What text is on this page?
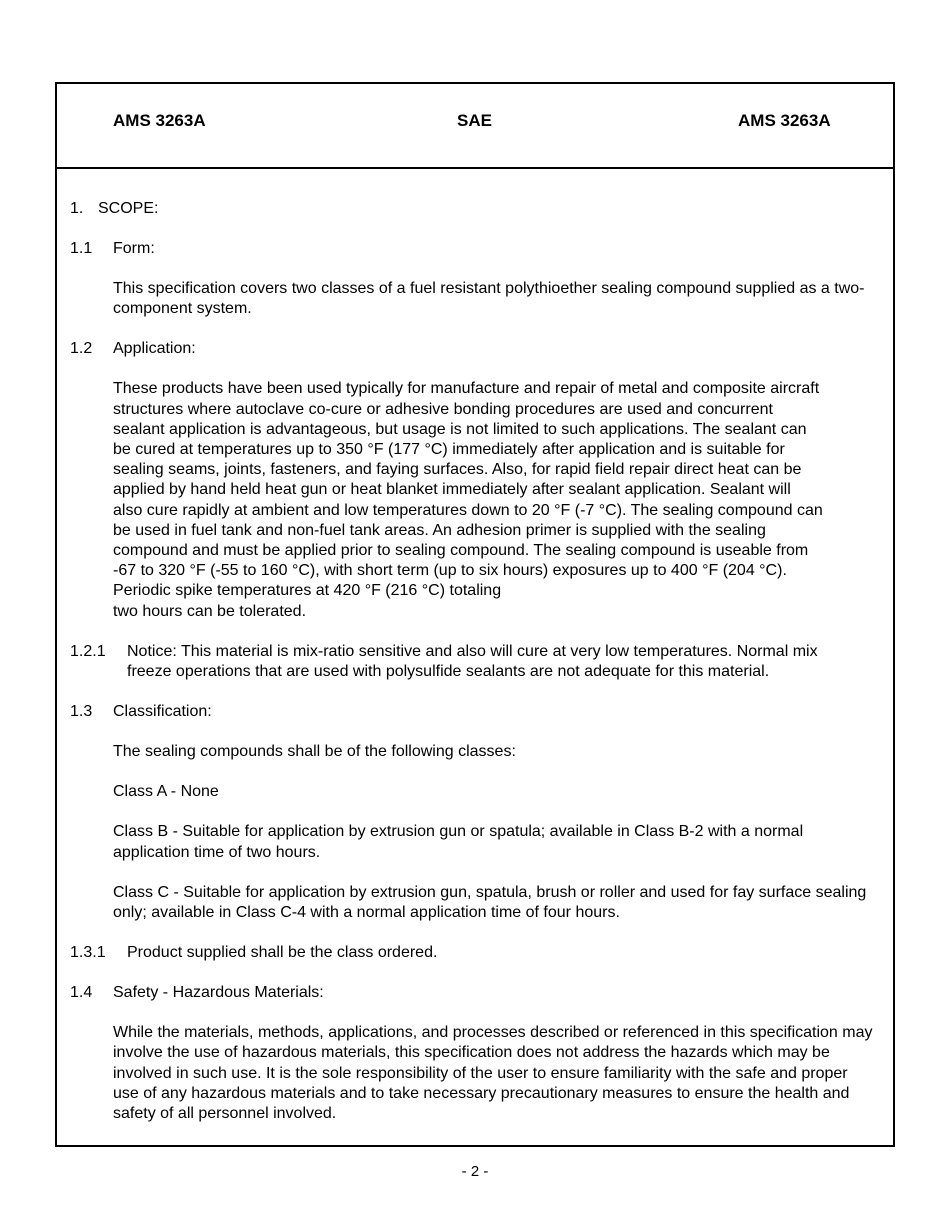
AMS 3263A	SAE	AMS 3263A
1. SCOPE:
1.1 Form:
This specification covers two classes of a fuel resistant polythioether sealing compound supplied as a two-component system.
1.2 Application:
These products have been used typically for manufacture and repair of metal and composite aircraft
structures where autoclave co-cure or adhesive bonding procedures are used and concurrent
sealant application is advantageous, but usage is not limited to such applications. The sealant can
be cured at temperatures up to 350 °F (177 °C) immediately after application and is suitable for
sealing seams, joints, fasteners, and faying surfaces. Also, for rapid field repair direct heat can be
applied by hand held heat gun or heat blanket immediately after sealant application. Sealant will
also cure rapidly at ambient and low temperatures down to 20 °F (-7 °C). The sealing compound can
be used in fuel tank and non-fuel tank areas. An adhesion primer is supplied with the sealing
compound and must be applied prior to sealing compound. The sealing compound is useable from
-67 to 320 °F (-55 to 160 °C), with short term (up to six hours) exposures up to 400 °F (204 °C).
Periodic spike temperatures at 420 °F (216 °C) totaling
two hours can be tolerated.
1.2.1 Notice: This material is mix-ratio sensitive and also will cure at very low temperatures. Normal mix
freeze operations that are used with polysulfide sealants are not adequate for this material.
1.3 Classification:
The sealing compounds shall be of the following classes:
Class A - None
Class B - Suitable for application by extrusion gun or spatula; available in Class B-2 with a normal application time of two hours.
Class C - Suitable for application by extrusion gun, spatula, brush or roller and used for fay surface sealing only; available in Class C-4 with a normal application time of four hours.
1.3.1 Product supplied shall be the class ordered.
1.4 Safety - Hazardous Materials:
While the materials, methods, applications, and processes described or referenced in this specification may involve the use of hazardous materials, this specification does not address the hazards which may be involved in such use. It is the sole responsibility of the user to ensure familiarity with the safe and proper use of any hazardous materials and to take necessary precautionary measures to ensure the health and safety of all personnel involved.
- 2 -
